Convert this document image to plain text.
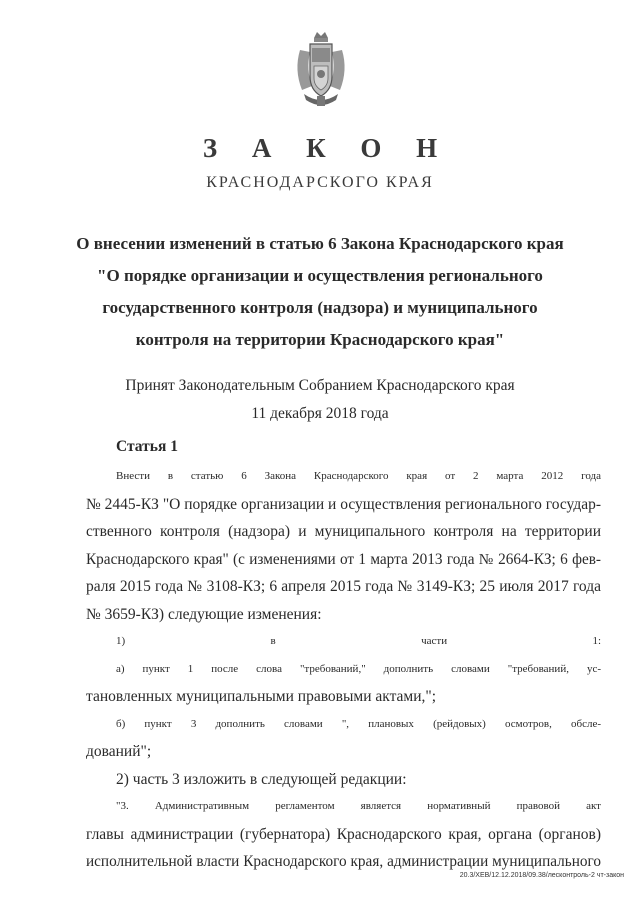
З А К О Н
КРАСНОДАРСКОГО КРАЯ
О внесении изменений в статью 6 Закона Краснодарского края
"О порядке организации и осуществления регионального
государственного контроля (надзора) и муниципального
контроля на территории Краснодарского края"
Принят Законодательным Собранием Краснодарского края
11 декабря 2018 года
Статья 1
Внести в статью 6 Закона Краснодарского края от 2 марта 2012 года
№ 2445-КЗ "О порядке организации и осуществления регионального государ-
ственного контроля (надзора) и муниципального контроля на территории
Краснодарского края" (с изменениями от 1 марта 2013 года № 2664-КЗ; 6 фев-
раля 2015 года № 3108-КЗ; 6 апреля 2015 года № 3149-КЗ; 25 июля 2017 года
№ 3659-КЗ) следующие изменения:
1) в части 1:
а) пункт 1 после слова "требований," дополнить словами "требований, ус-
тановленных муниципальными правовыми актами,";
б) пункт 3 дополнить словами ", плановых (рейдовых) осмотров, обсле-
дований";
2) часть 3 изложить в следующей редакции:
"3. Административным регламентом является нормативный правовой акт
главы администрации (губернатора) Краснодарского края, органа (органов)
исполнительной власти Краснодарского края, администрации муниципального
20.3/ХЕВ/12.12.2018/09.38/лесконтроль-2 чт-закон
